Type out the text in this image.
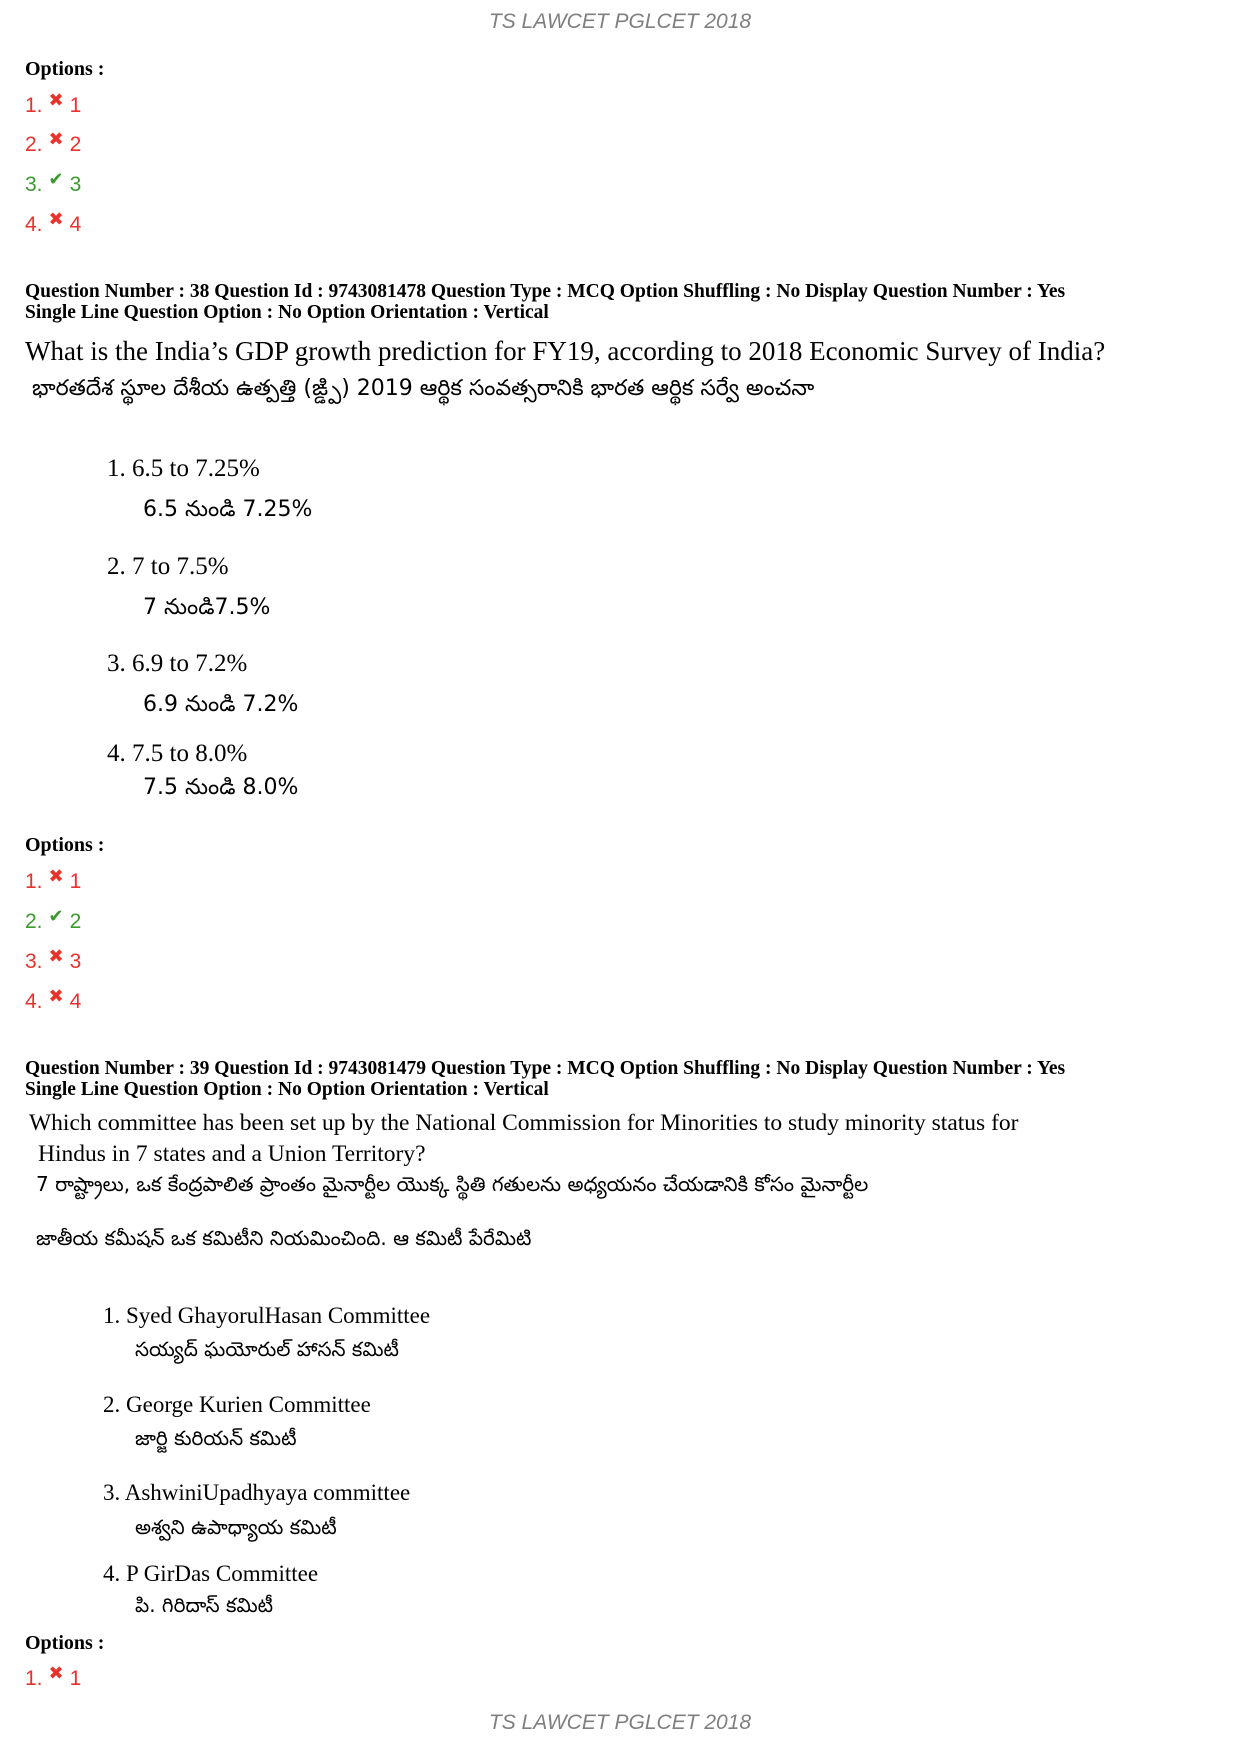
TS LAWCET PGLCET 2018
Options :
1. ✖ 1
2. ✖ 2
3. ✔ 3
4. ✖ 4
Question Number : 38 Question Id : 9743081478 Question Type : MCQ Option Shuffling : No Display Question Number : Yes
Single Line Question Option : No Option Orientation : Vertical
What is the India’s GDP growth prediction for FY19, according to 2018 Economic Survey of India?
భారతదేశ స్థూల దేశీయ ఉత్పత్తి (ఙ్డ్పి) 2019 ఆర్థిక సంవత్సరానికి భారత ఆర్థిక సర్వే అంచనా
1. 6.5 to 7.25%
6.5 నుండి 7.25%
2. 7 to 7.5%
7 నుండి7.5%
3. 6.9 to 7.2%
6.9 నుండి 7.2%
4. 7.5 to 8.0%
7.5 నుండి 8.0%
Options :
1. ✖ 1
2. ✔ 2
3. ✖ 3
4. ✖ 4
Question Number : 39 Question Id : 9743081479 Question Type : MCQ Option Shuffling : No Display Question Number : Yes
Single Line Question Option : No Option Orientation : Vertical
Which committee has been set up by the National Commission for Minorities to study minority status for
Hindus in 7 states and a Union Territory?
7 రాష్ట్రాలు, ఒక కేంద్రపాలిత ప్రాంతం మైనార్టీల యొక్క స్థితి గతులను అధ్యయనం చేయడానికి కోసం మైనార్టీల
జాతీయ కమీషన్ ఒక కమిటీని నియమించింది. ఆ కమిటీ పేరేమిటి
1. Syed GhayorulHasan Committee
సయ్యద్ ఘయోరుల్ హాసన్ కమిటీ
2. George Kurien Committee
జార్జి కురియన్ కమిటీ
3. AshwiniUpadhyaya committee
అశ్వని ఉపాధ్యాయ కమిటీ
4. P GirDas Committee
పి. గిరిదాస్ కమిటీ
Options :
1. ✖ 1
TS LAWCET PGLCET 2018
